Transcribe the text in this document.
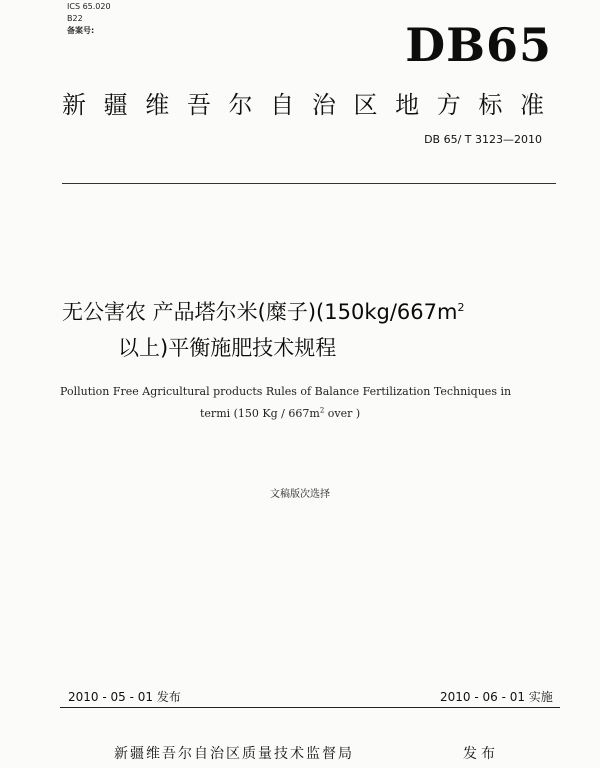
ICS 65.020
B22
备案号:	DB65
新疆维吾尔自治区地方标准
DB 65/ T 3123—2010
无公害农 产品塔尔米(糜子)($150kg/667m^2$
以上)平衡施肥技术规程
Pollution Free Agricultural products Rules of Balance Fertilization Techniques in
termi (150 Kg / $667m^2$ over )
文稿版次选择
2010 - 05 - 01 发布	2010 - 06 - 01 实施
新疆维吾尔自治区质量技术监督局	发布
